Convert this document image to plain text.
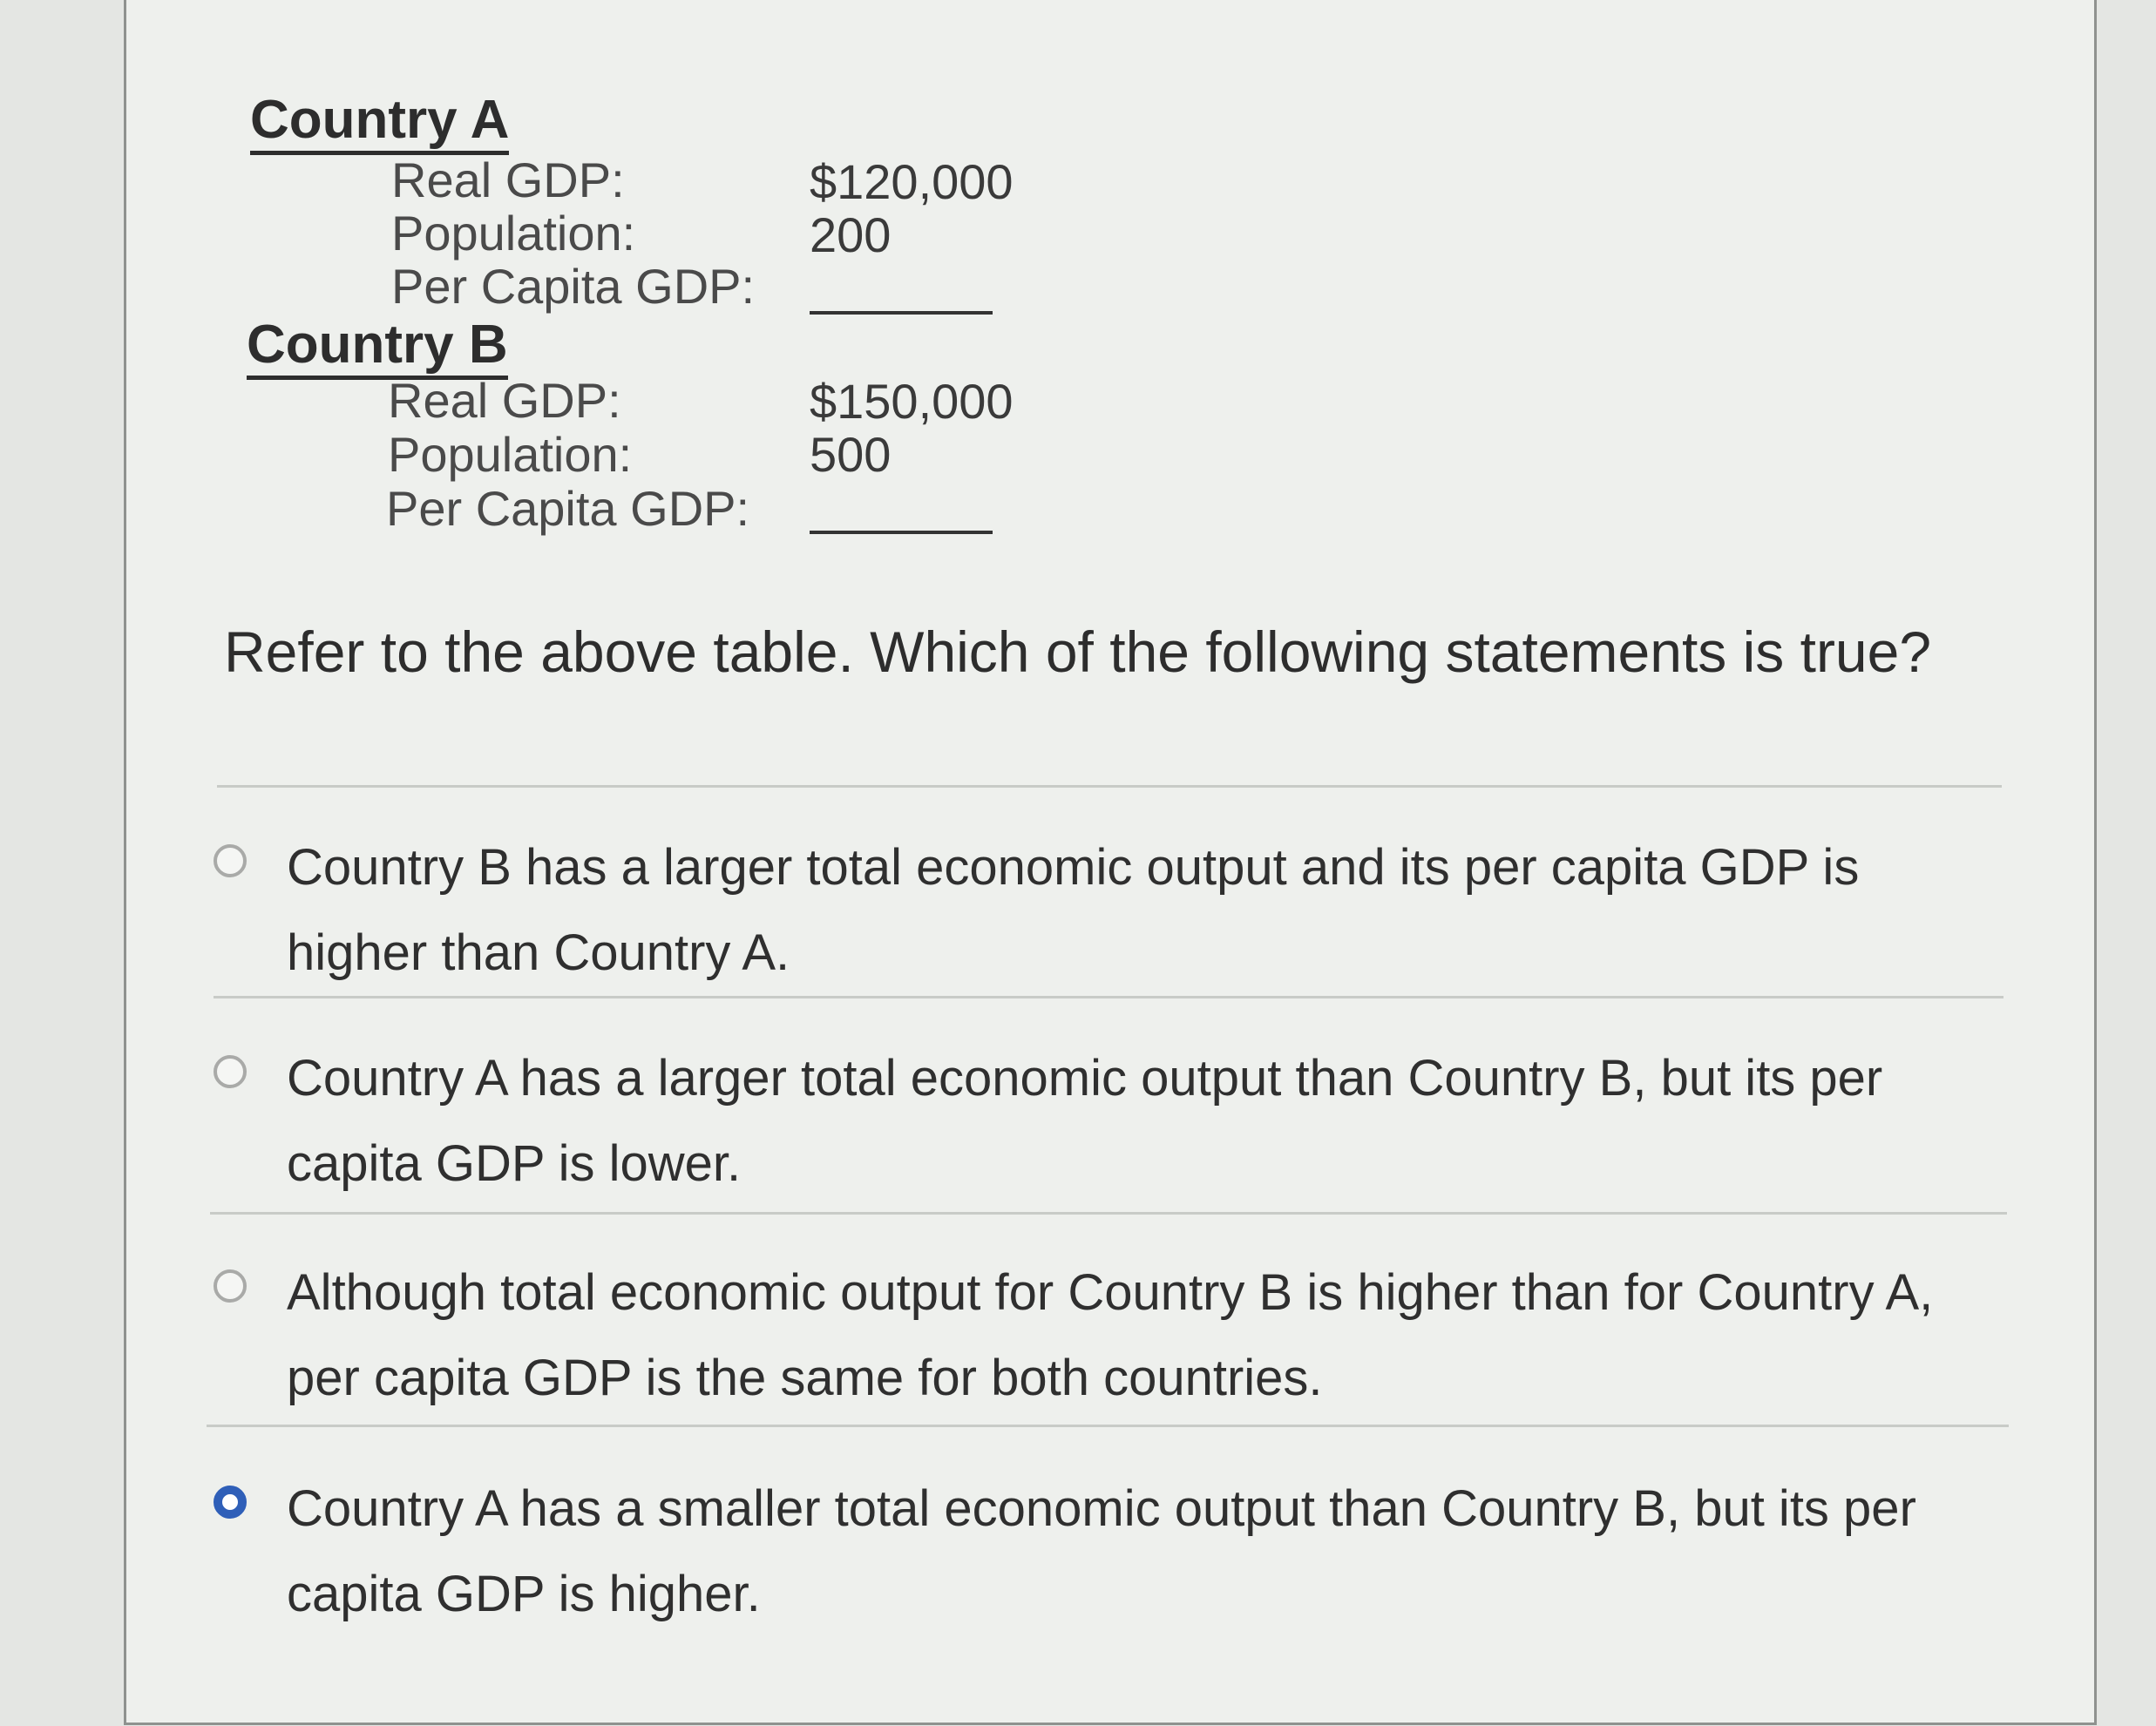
Country A

Real GDP:	$120,000

Population:	200

Per Capita GDP:

Country B

Real GDP:	$150,000

Population:	500

Per Capita GDP:

Refer to the above table. Which of the following statements is true?

Country B has a larger total economic output and its per capita GDP is higher than Country A.

Country A has a larger total economic output than Country B, but its per capita GDP is lower.

Although total economic output for Country B is higher than for Country A, per capita GDP is the same for both countries.

Country A has a smaller total economic output than Country B, but its per capita GDP is higher.
